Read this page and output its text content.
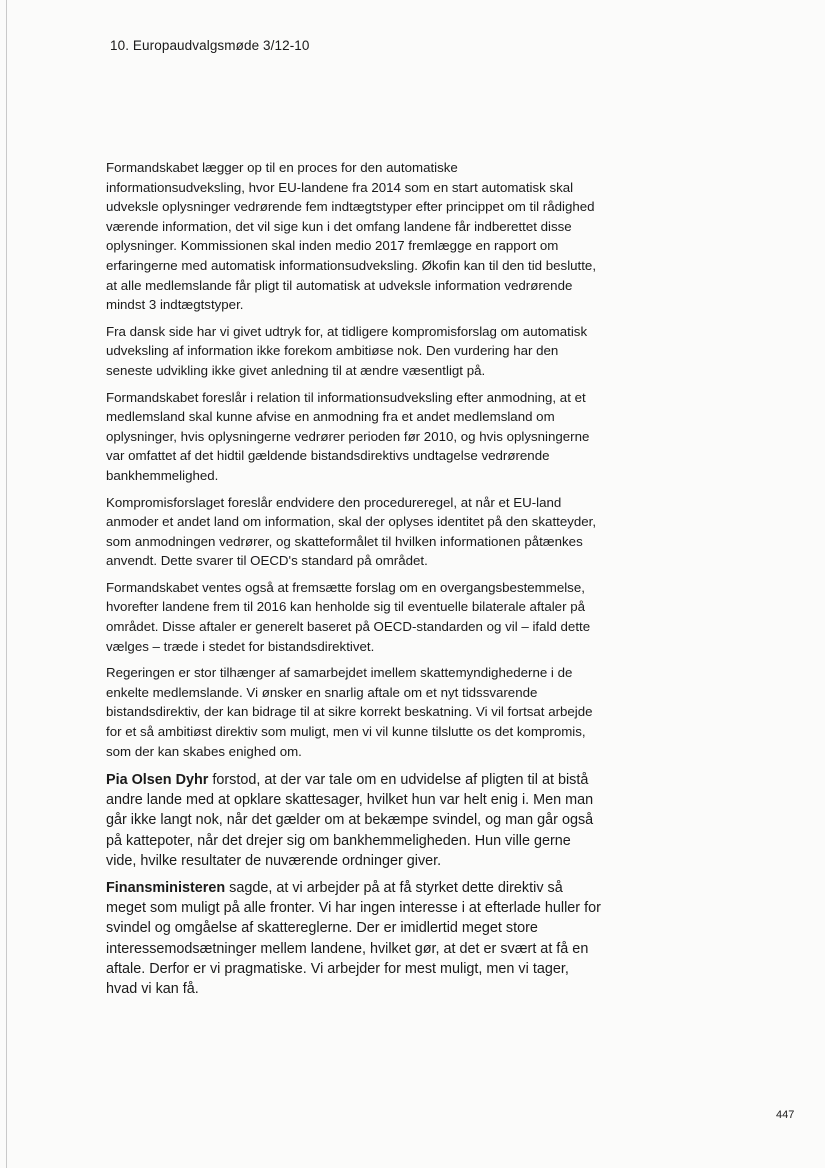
10. Europaudvalgsmøde 3/12-10

Formandskabet lægger op til en proces for den automatiske informationsudveksling, hvor EU-landene fra 2014 som en start automatisk skal udveksle oplysninger vedrørende fem indtægtstyper efter princippet om til rådighed værende information, det vil sige kun i det omfang landene får indberettet disse oplysninger. Kommissionen skal inden medio 2017 fremlægge en rapport om erfaringerne med automatisk informationsudveksling. Økofin kan til den tid beslutte, at alle medlemslande får pligt til automatisk at udveksle information vedrørende mindst 3 indtægtstyper.

Fra dansk side har vi givet udtryk for, at tidligere kompromisforslag om automatisk udveksling af information ikke forekom ambitiøse nok. Den vurdering har den seneste udvikling ikke givet anledning til at ændre væsentligt på.

Formandskabet foreslår i relation til informationsudveksling efter anmodning, at et medlemsland skal kunne afvise en anmodning fra et andet medlemsland om oplysninger, hvis oplysningerne vedrører perioden før 2010, og hvis oplysningerne var omfattet af det hidtil gældende bistandsdirektivs undtagelse vedrørende bankhemmelighed.

Kompromisforslaget foreslår endvidere den procedureregel, at når et EU-land anmoder et andet land om information, skal der oplyses identitet på den skatteyder, som anmodningen vedrører, og skatteformålet til hvilken informationen påtænkes anvendt. Dette svarer til OECD's standard på området.

Formandskabet ventes også at fremsætte forslag om en overgangsbestemmelse, hvorefter landene frem til 2016 kan henholde sig til eventuelle bilaterale aftaler på området. Disse aftaler er generelt baseret på OECD-standarden og vil – ifald dette vælges – træde i stedet for bistandsdirektivet.

Regeringen er stor tilhænger af samarbejdet imellem skattemyndighederne i de enkelte medlemslande. Vi ønsker en snarlig aftale om et nyt tidssvarende bistandsdirektiv, der kan bidrage til at sikre korrekt beskatning. Vi vil fortsat arbejde for et så ambitiøst direktiv som muligt, men vi vil kunne tilslutte os det kompromis, som der kan skabes enighed om.

Pia Olsen Dyhr forstod, at der var tale om en udvidelse af pligten til at bistå andre lande med at opklare skattesager, hvilket hun var helt enig i. Men man går ikke langt nok, når det gælder om at bekæmpe svindel, og man går også på kattepoter, når det drejer sig om bankhemmeligheden. Hun ville gerne vide, hvilke resultater de nuværende ordninger giver.

Finansministeren sagde, at vi arbejder på at få styrket dette direktiv så meget som muligt på alle fronter. Vi har ingen interesse i at efterlade huller for svindel og omgåelse af skattereglerne. Der er imidlertid meget store interessemodsætninger mellem landene, hvilket gør, at det er svært at få en aftale. Derfor er vi pragmatiske. Vi arbejder for mest muligt, men vi tager, hvad vi kan få.

447
